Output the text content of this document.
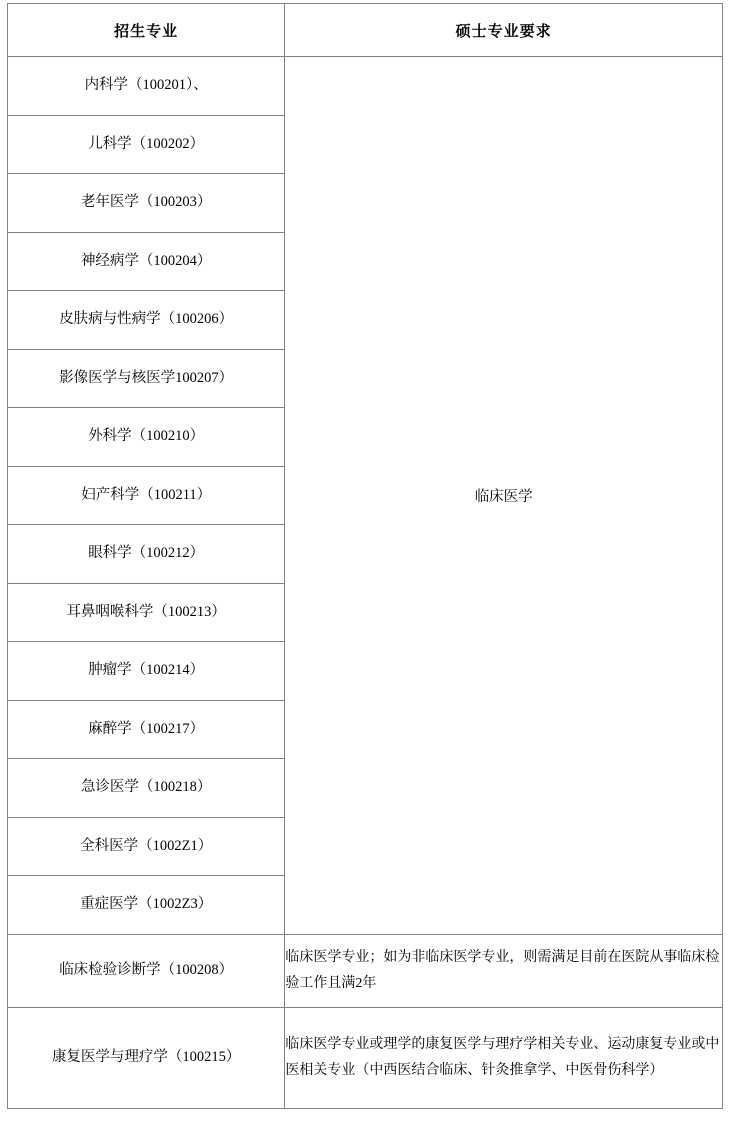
招生专业	硕士专业要求
内科学（100201）、	临床医学
儿科学（100202）	
老年医学（100203）	
神经病学（100204）	
皮肤病与性病学（100206）	
影像医学与核医学100207）	
外科学（100210）	
妇产科学（100211）	
眼科学（100212）	
耳鼻咽喉科学（100213）	
肿瘤学（100214）	
麻醉学（100217）	
急诊医学（100218）	
全科医学（1002Z1）	
重症医学（1002Z3）	
临床检验诊断学（100208）	临床医学专业；如为非临床医学专业，则需满足目前在医院从事临床检验工作且满2年
康复医学与理疗学（100215）	临床医学专业或理学的康复医学与理疗学相关专业、运动康复专业或中医相关专业（中西医结合临床、针灸推拿学、中医骨伤科学）
